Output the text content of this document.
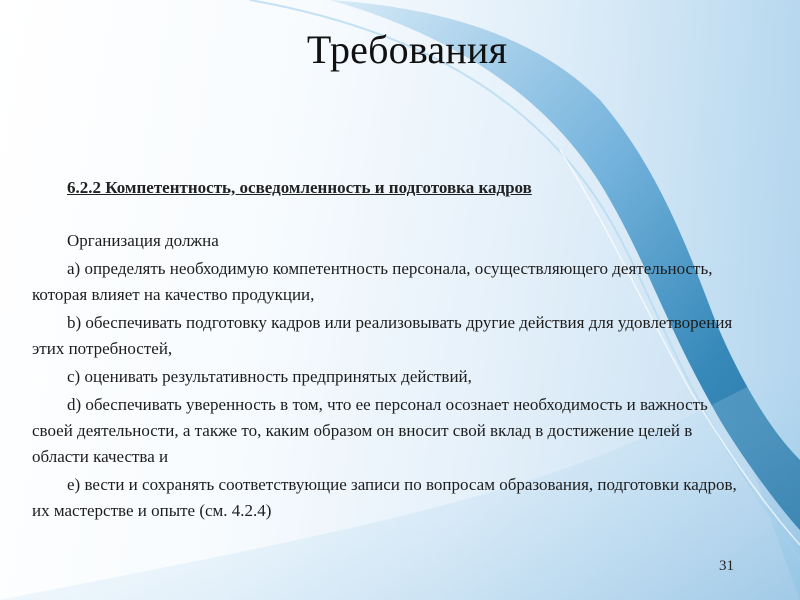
Требования
6.2.2 Компетентность, осведомленность и подготовка кадров

Организация должна

а) определять необходимую компетентность персонала, осуществляющего деятельность, которая влияет на качество продукции,

b) обеспечивать подготовку кадров или реализовывать другие действия для удовлетворения этих потребностей,

c) оценивать результативность предпринятых действий,

d) обеспечивать уверенность в том, что ее персонал осознает необходимость и важность своей деятельности, а также то, каким образом он вносит свой вклад в достижение целей в области качества и

e) вести и сохранять соответствующие записи по вопросам образования, подготовки кадров, их мастерстве и опыте (см. 4.2.4)

31
